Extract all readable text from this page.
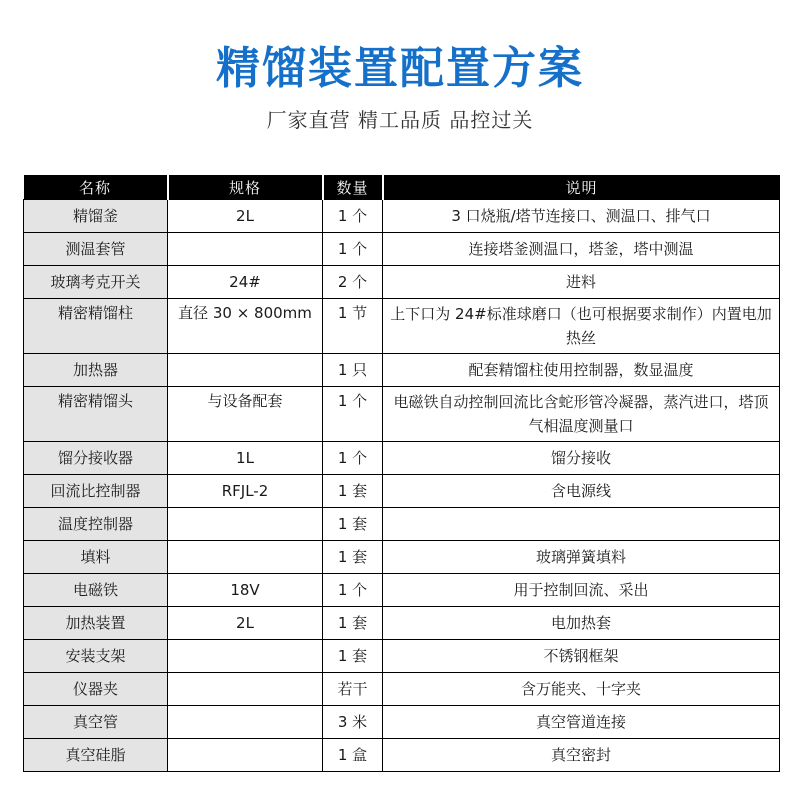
精馏装置配置方案
厂家直营 精工品质 品控过关
名称	规格	数量	说明
精馏釜	2L	1 个	3 口烧瓶/塔节连接口、测温口、排气口
测温套管		1 个	连接塔釜测温口，塔釜，塔中测温
玻璃考克开关	24#	2 个	进料
精密精馏柱	直径 30 × 800mm	1 节	上下口为 24#标准球磨口（也可根据要求制作）内置电加热丝
加热器		1 只	配套精馏柱使用控制器，数显温度
精密精馏头	与设备配套	1 个	电磁铁自动控制回流比含蛇形管冷凝器，蒸汽进口，塔顶气相温度测量口
馏分接收器	1L	1 个	馏分接收
回流比控制器	RFJL-2	1 套	含电源线
温度控制器		1 套	
填料		1 套	玻璃弹簧填料
电磁铁	18V	1 个	用于控制回流、采出
加热装置	2L	1 套	电加热套
安装支架		1 套	不锈钢框架
仪器夹		若干	含万能夹、十字夹
真空管		3 米	真空管道连接
真空硅脂		1 盒	真空密封
